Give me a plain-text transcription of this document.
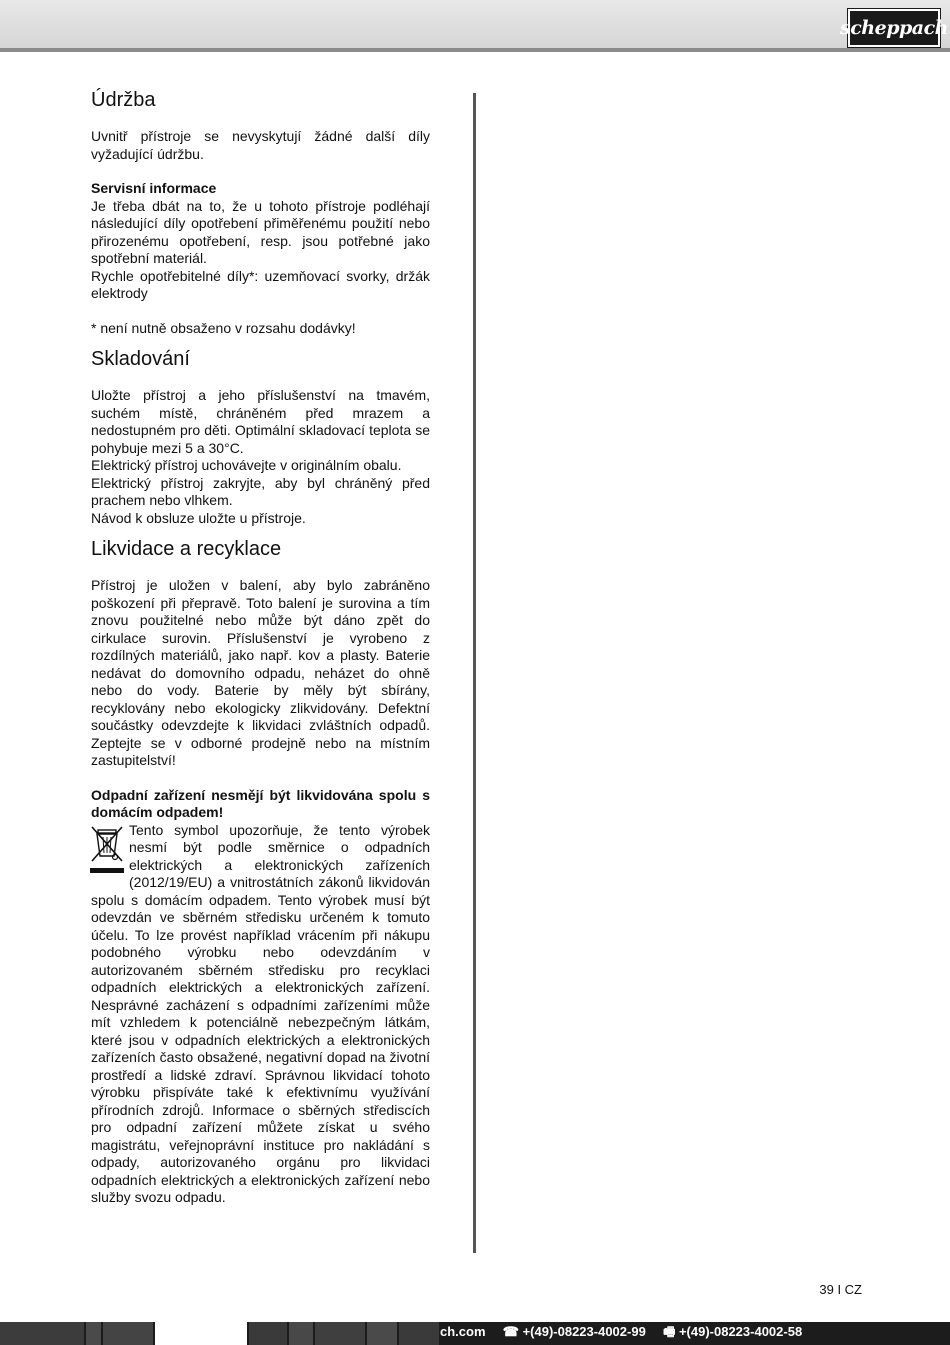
scheppach
Údržba

Uvnitř přístroje se nevyskytují žádné další díly vyžadující údržbu.

Servisní informace

Je třeba dbát na to, že u tohoto přístroje podléhají následující díly opotřebení přiměřenému použití nebo přirozenému opotřebení, resp. jsou potřebné jako spotřební materiál.

Rychle opotřebitelné díly*: uzemňovací svorky, držák elektrody

* není nutně obsaženo v rozsahu dodávky!

Skladování

Uložte přístroj a jeho příslušenství na tmavém, suchém místě, chráněném před mrazem a nedostupném pro děti. Optimální skladovací teplota se pohybuje mezi 5 a 30°C.

Elektrický přístroj uchovávejte v originálním obalu.

Elektrický přístroj zakryjte, aby byl chráněný před prachem nebo vlhkem.

Návod k obsluze uložte u přístroje.

Likvidace a recyklace

Přístroj je uložen v balení, aby bylo zabráněno poškození při přepravě. Toto balení je surovina a tím znovu použitelné nebo může být dáno zpět do cirkulace surovin. Příslušenství je vyrobeno z rozdílných materiálů, jako např. kov a plasty. Baterie nedávat do domovního odpadu, neházet do ohně nebo do vody. Baterie by měly být sbírány, recyklovány nebo ekologicky zlikvidovány. Defektní součástky odevzdejte k likvidaci zvláštních odpadů. Zeptejte se v odborné prodejně nebo na místním zastupitelství!

Odpadní zařízení nesmějí být likvidována spolu s domácím odpadem!

Tento symbol upozorňuje, že tento výrobek nesmí být podle směrnice o odpadních elektrických a elektronických zařízeních (2012/19/EU) a vnitrostátních zákonů likvidován spolu s domácím odpadem. Tento výrobek musí být odevzdán ve sběrném středisku určeném k tomuto účelu. To lze provést například vrácením při nákupu podobného výrobku nebo odevzdáním v autorizovaném sběrném středisku pro recyklaci odpadních elektrických a elektronických zařízení. Nesprávné zacházení s odpadními zařízeními může mít vzhledem k potenciálně nebezpečným látkám, které jsou v odpadních elektrických a elektronických zařízeních často obsažené, negativní dopad na životní prostředí a lidské zdraví. Správnou likvidací tohoto výrobku přispíváte také k efektivnímu využívání přírodních zdrojů. Informace o sběrných střediscích pro odpadní zařízení můžete získat u svého magistrátu, veřejnoprávní instituce pro nakládání s odpady, autorizovaného orgánu pro likvidaci odpadních elektrických a elektronických zařízení nebo služby svozu odpadu.

39 I CZ
ch.com ☎ +(49)-08223-4002-99 🖷 +(49)-08223-4002-58
